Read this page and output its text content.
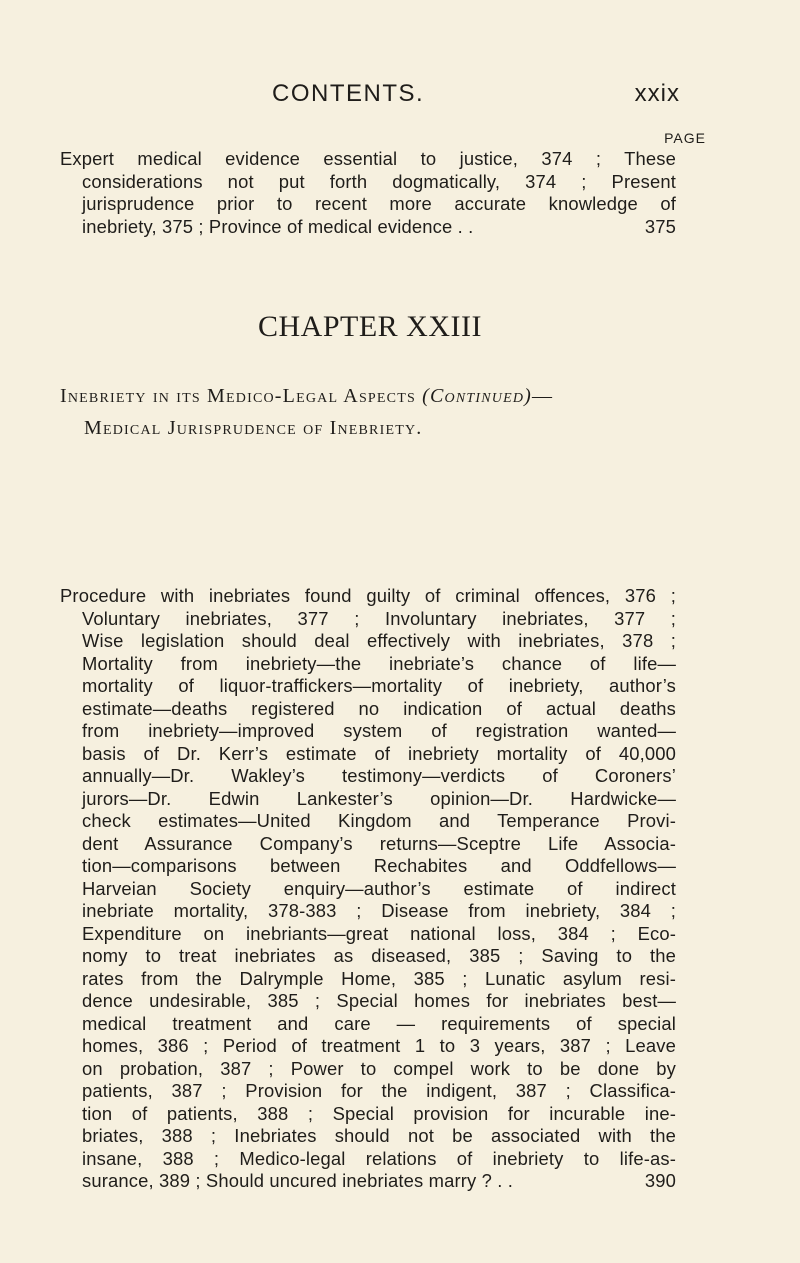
CONTENTS.	xxix
PAGE
Expert medical evidence essential to justice, 374 ; These
considerations not put forth dogmatically, 374 ; Present
jurisprudence prior to recent more accurate knowledge of
inebriety, 375 ; Province of medical evidence . .	375
CHAPTER XXIII
Inebriety in its Medico-Legal Aspects (Continued)—
Medical Jurisprudence of Inebriety.
Procedure with inebriates found guilty of criminal offences, 376 ;
Voluntary inebriates, 377 ; Involuntary inebriates, 377 ;
Wise legislation should deal effectively with inebriates, 378 ;
Mortality from inebriety—the inebriate’s chance of life—
mortality of liquor-traffickers—mortality of inebriety, author’s
estimate—deaths registered no indication of actual deaths
from inebriety—improved system of registration wanted—
basis of Dr. Kerr’s estimate of inebriety mortality of 40,000
annually—Dr. Wakley’s testimony—verdicts of Coroners’
jurors—Dr. Edwin Lankester’s opinion—Dr. Hardwicke—
check estimates—United Kingdom and Temperance Provi-
dent Assurance Company’s returns—Sceptre Life Associa-
tion—comparisons between Rechabites and Oddfellows—
Harveian Society enquiry—author’s estimate of indirect
inebriate mortality, 378-383 ; Disease from inebriety, 384 ;
Expenditure on inebriants—great national loss, 384 ; Eco-
nomy to treat inebriates as diseased, 385 ; Saving to the
rates from the Dalrymple Home, 385 ; Lunatic asylum resi-
dence undesirable, 385 ; Special homes for inebriates best—
medical treatment and care — requirements of special
homes, 386 ; Period of treatment 1 to 3 years, 387 ; Leave
on probation, 387 ; Power to compel work to be done by
patients, 387 ; Provision for the indigent, 387 ; Classifica-
tion of patients, 388 ; Special provision for incurable ine-
briates, 388 ; Inebriates should not be associated with the
insane, 388 ; Medico-legal relations of inebriety to life-as-
surance, 389 ; Should uncured inebriates marry ? . .	390
